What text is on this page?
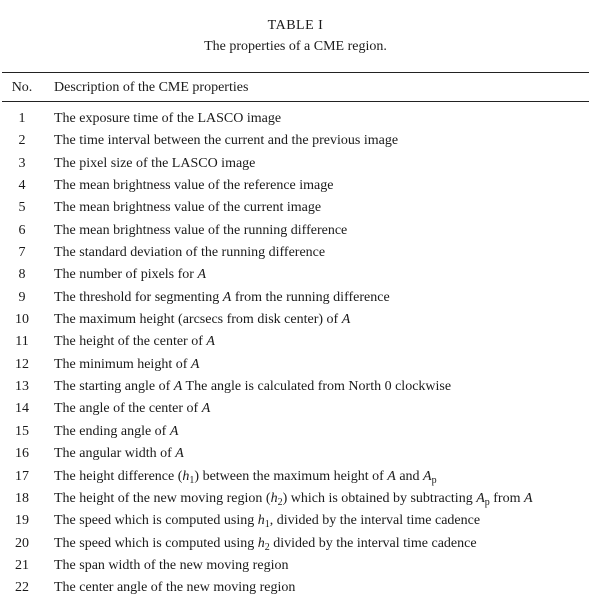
TABLE I
The properties of a CME region.
No.	Description of the CME properties
1	The exposure time of the LASCO image
2	The time interval between the current and the previous image
3	The pixel size of the LASCO image
4	The mean brightness value of the reference image
5	The mean brightness value of the current image
6	The mean brightness value of the running difference
7	The standard deviation of the running difference
8	The number of pixels for A
9	The threshold for segmenting A from the running difference
10	The maximum height (arcsecs from disk center) of A
11	The height of the center of A
12	The minimum height of A
13	The starting angle of A The angle is calculated from North 0 clockwise
14	The angle of the center of A
15	The ending angle of A
16	The angular width of A
17	The height difference $(h_1)$ between the maximum height of A and $A_p$
18	The height of the new moving region $(h_2)$ which is obtained by subtracting $A_p$ from A
19	The speed which is computed using $h_1$, divided by the interval time cadence
20	The speed which is computed using $h_2$ divided by the interval time cadence
21	The span width of the new moving region
22	The center angle of the new moving region
